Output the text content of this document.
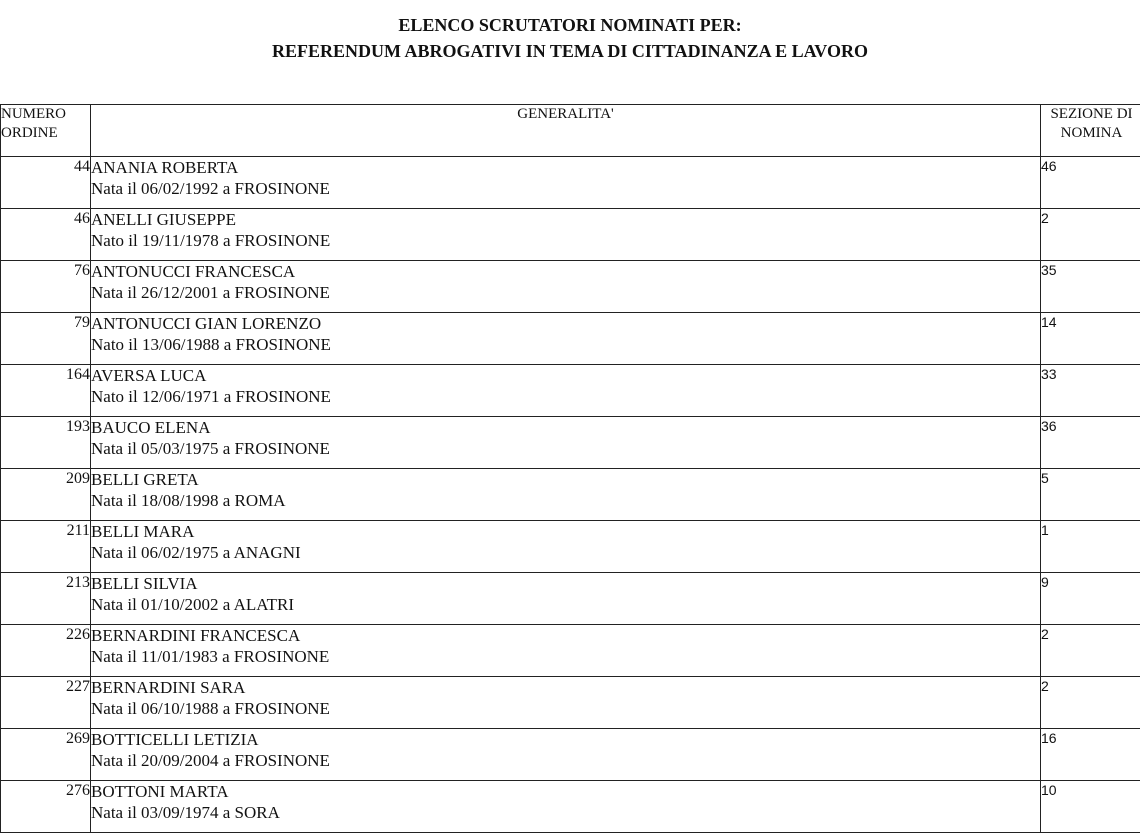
ELENCO SCRUTATORI NOMINATI PER:
REFERENDUM ABROGATIVI IN TEMA DI CITTADINANZA E LAVORO
NUMERO
ORDINE	GENERALITA'	SEZIONE DI
NOMINA
44	ANANIA ROBERTA
Nata il 06/02/1992 a FROSINONE	46
46	ANELLI GIUSEPPE
Nato il 19/11/1978 a FROSINONE	2
76	ANTONUCCI FRANCESCA
Nata il 26/12/2001 a FROSINONE	35
79	ANTONUCCI GIAN LORENZO
Nato il 13/06/1988 a FROSINONE	14
164	AVERSA LUCA
Nato il 12/06/1971 a FROSINONE	33
193	BAUCO ELENA
Nata il 05/03/1975 a FROSINONE	36
209	BELLI GRETA
Nata il 18/08/1998 a ROMA	5
211	BELLI MARA
Nata il 06/02/1975 a ANAGNI	1
213	BELLI SILVIA
Nata il 01/10/2002 a ALATRI	9
226	BERNARDINI FRANCESCA
Nata il 11/01/1983 a FROSINONE	2
227	BERNARDINI SARA
Nata il 06/10/1988 a FROSINONE	2
269	BOTTICELLI LETIZIA
Nata il 20/09/2004 a FROSINONE	16
276	BOTTONI MARTA
Nata il 03/09/1974 a SORA	10
